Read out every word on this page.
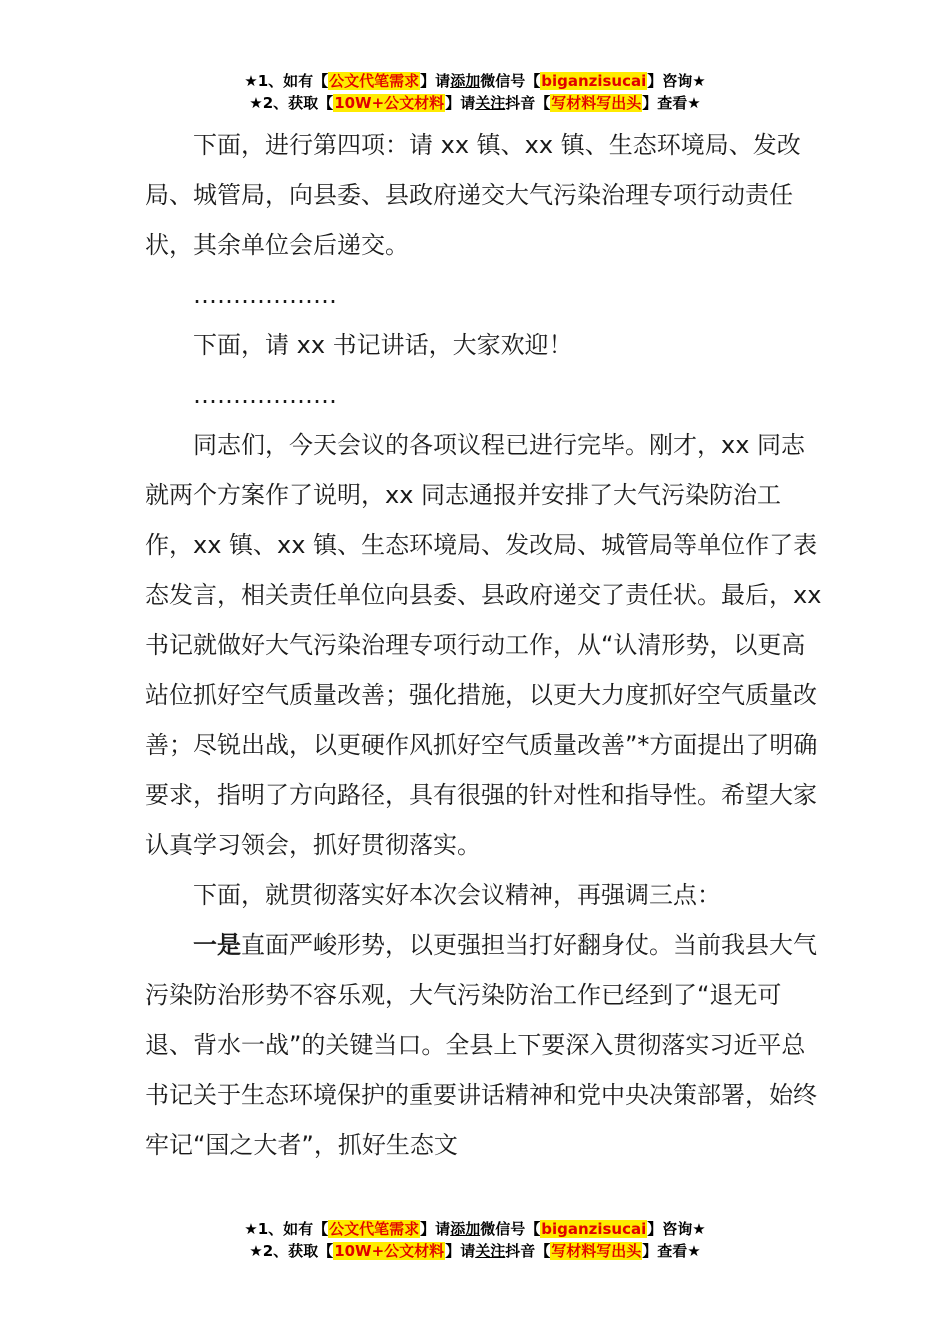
★1、如有【公文代笔需求】请添加微信号【biganzisucai】咨询★
★2、获取【10W+公文材料】请关注抖音【写材料写出头】查看★

下面，进行第四项：请 xx 镇、xx 镇、生态环境局、发改局、城管局，向县委、县政府递交大气污染治理专项行动责任状，其余单位会后递交。

………………

下面，请 xx 书记讲话，大家欢迎！

………………

同志们，今天会议的各项议程已进行完毕。刚才，xx 同志就两个方案作了说明，xx 同志通报并安排了大气污染防治工作，xx 镇、xx 镇、生态环境局、发改局、城管局等单位作了表态发言，相关责任单位向县委、县政府递交了责任状。最后，xx 书记就做好大气污染治理专项行动工作，从“认清形势，以更高站位抓好空气质量改善；强化措施，以更大力度抓好空气质量改善；尽锐出战，以更硬作风抓好空气质量改善”*方面提出了明确要求，指明了方向路径，具有很强的针对性和指导性。希望大家认真学习领会，抓好贯彻落实。

下面，就贯彻落实好本次会议精神，再强调三点：

一是直面严峻形势，以更强担当打好翻身仗。当前我县大气污染防治形势不容乐观，大气污染防治工作已经到了“退无可退、背水一战”的关键当口。全县上下要深入贯彻落实习近平总书记关于生态环境保护的重要讲话精神和党中央决策部署，始终牢记“国之大者”，抓好生态文

★1、如有【公文代笔需求】请添加微信号【biganzisucai】咨询★
★2、获取【10W+公文材料】请关注抖音【写材料写出头】查看★
